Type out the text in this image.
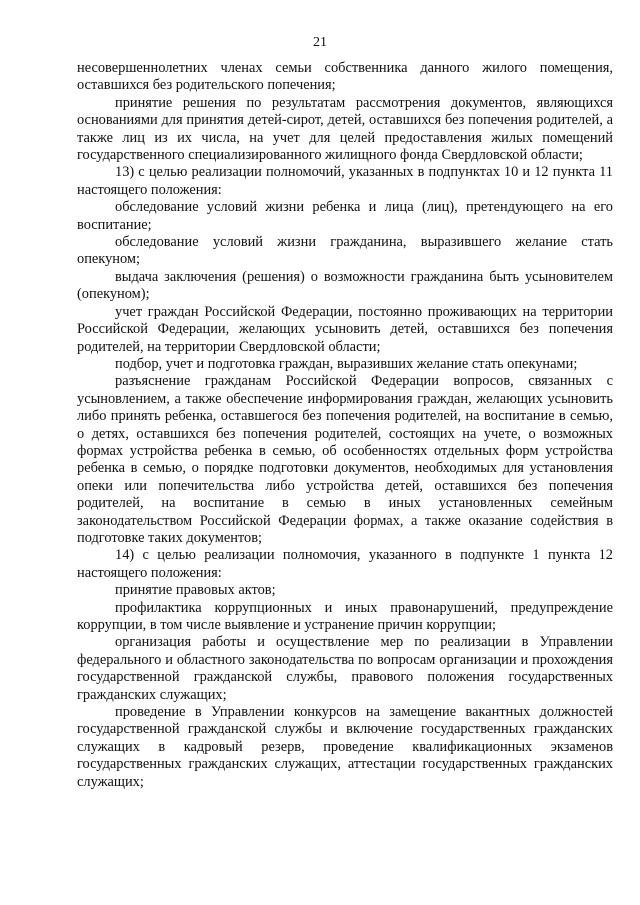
21

несовершеннолетних членах семьи собственника данного жилого помещения, оставшихся без родительского попечения;

принятие решения по результатам рассмотрения документов, являющихся основаниями для принятия детей-сирот, детей, оставшихся без попечения родителей, а также лиц из их числа, на учет для целей предоставления жилых помещений государственного специализированного жилищного фонда Свердловской области;

13) с целью реализации полномочий, указанных в подпунктах 10 и 12 пункта 11 настоящего положения:

обследование условий жизни ребенка и лица (лиц), претендующего на его воспитание;

обследование условий жизни гражданина, выразившего желание стать опекуном;

выдача заключения (решения) о возможности гражданина быть усыновителем (опекуном);

учет граждан Российской Федерации, постоянно проживающих на территории Российской Федерации, желающих усыновить детей, оставшихся без попечения родителей, на территории Свердловской области;

подбор, учет и подготовка граждан, выразивших желание стать опекунами;

разъяснение гражданам Российской Федерации вопросов, связанных с усыновлением, а также обеспечение информирования граждан, желающих усыновить либо принять ребенка, оставшегося без попечения родителей, на воспитание в семью, о детях, оставшихся без попечения родителей, состоящих на учете, о возможных формах устройства ребенка в семью, об особенностях отдельных форм устройства ребенка в семью, о порядке подготовки документов, необходимых для установления опеки или попечительства либо устройства детей, оставшихся без попечения родителей, на воспитание в семью в иных установленных семейным законодательством Российской Федерации формах, а также оказание содействия в подготовке таких документов;

14) с целью реализации полномочия, указанного в подпункте 1 пункта 12 настоящего положения:

принятие правовых актов;

профилактика коррупционных и иных правонарушений, предупреждение коррупции, в том числе выявление и устранение причин коррупции;

организация работы и осуществление мер по реализации в Управлении федерального и областного законодательства по вопросам организации и прохождения государственной гражданской службы, правового положения государственных гражданских служащих;

проведение в Управлении конкурсов на замещение вакантных должностей государственной гражданской службы и включение государственных гражданских служащих в кадровый резерв, проведение квалификационных экзаменов государственных гражданских служащих, аттестации государственных гражданских служащих;
